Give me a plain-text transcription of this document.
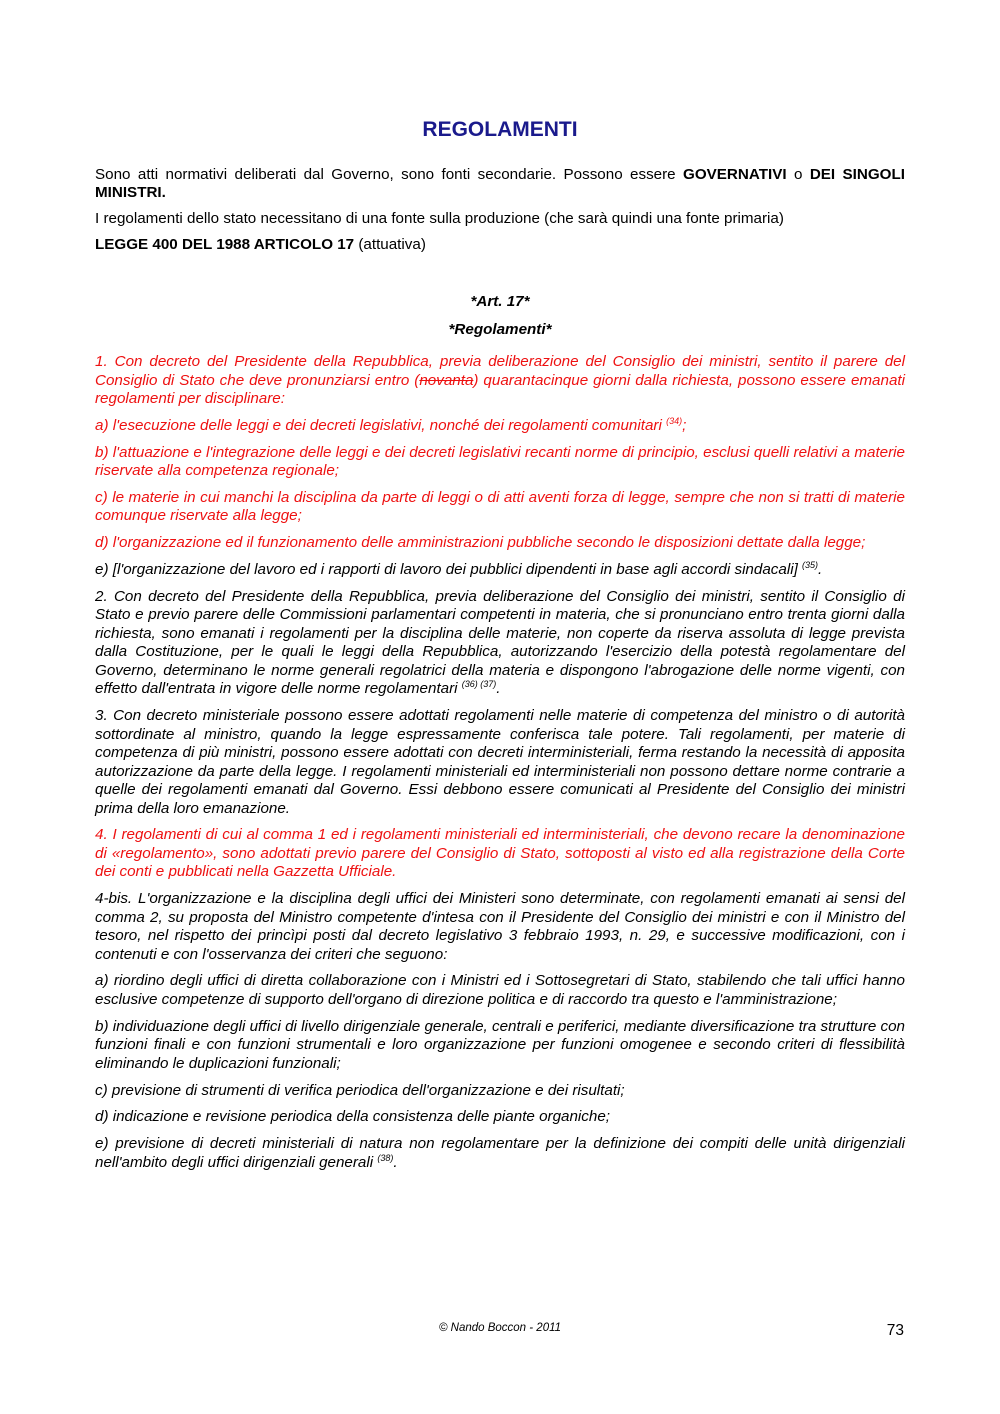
REGOLAMENTI

Sono atti normativi deliberati dal Governo, sono fonti secondarie. Possono essere GOVERNATIVI o DEI SINGOLI MINISTRI.

I regolamenti dello stato necessitano di una fonte sulla produzione (che sarà quindi una fonte primaria)

LEGGE 400 DEL 1988 ARTICOLO 17 (attuativa)

*Art. 17*
*Regolamenti*

1. Con decreto del Presidente della Repubblica, previa deliberazione del Consiglio dei ministri, sentito il parere del Consiglio di Stato che deve pronunziarsi entro (novanta) quarantacinque giorni dalla richiesta, possono essere emanati regolamenti per disciplinare:

a) l'esecuzione delle leggi e dei decreti legislativi, nonché dei regolamenti comunitari $^{(34)}$;

b) l'attuazione e l'integrazione delle leggi e dei decreti legislativi recanti norme di principio, esclusi quelli relativi a materie riservate alla competenza regionale;

c) le materie in cui manchi la disciplina da parte di leggi o di atti aventi forza di legge, sempre che non si tratti di materie comunque riservate alla legge;

d) l'organizzazione ed il funzionamento delle amministrazioni pubbliche secondo le disposizioni dettate dalla legge;

e) [l'organizzazione del lavoro ed i rapporti di lavoro dei pubblici dipendenti in base agli accordi sindacali] $^{(35)}$.

2. Con decreto del Presidente della Repubblica, previa deliberazione del Consiglio dei ministri, sentito il Consiglio di Stato e previo parere delle Commissioni parlamentari competenti in materia, che si pronunciano entro trenta giorni dalla richiesta, sono emanati i regolamenti per la disciplina delle materie, non coperte da riserva assoluta di legge prevista dalla Costituzione, per le quali le leggi della Repubblica, autorizzando l'esercizio della potestà regolamentare del Governo, determinano le norme generali regolatrici della materia e dispongono l'abrogazione delle norme vigenti, con effetto dall'entrata in vigore delle norme regolamentari $^{(36) (37)}$.

3. Con decreto ministeriale possono essere adottati regolamenti nelle materie di competenza del ministro o di autorità sottordinate al ministro, quando la legge espressamente conferisca tale potere. Tali regolamenti, per materie di competenza di più ministri, possono essere adottati con decreti interministeriali, ferma restando la necessità di apposita autorizzazione da parte della legge. I regolamenti ministeriali ed interministeriali non possono dettare norme contrarie a quelle dei regolamenti emanati dal Governo. Essi debbono essere comunicati al Presidente del Consiglio dei ministri prima della loro emanazione.

4. I regolamenti di cui al comma 1 ed i regolamenti ministeriali ed interministeriali, che devono recare la denominazione di «regolamento», sono adottati previo parere del Consiglio di Stato, sottoposti al visto ed alla registrazione della Corte dei conti e pubblicati nella Gazzetta Ufficiale.

4-bis. L'organizzazione e la disciplina degli uffici dei Ministeri sono determinate, con regolamenti emanati ai sensi del comma 2, su proposta del Ministro competente d'intesa con il Presidente del Consiglio dei ministri e con il Ministro del tesoro, nel rispetto dei princìpi posti dal decreto legislativo 3 febbraio 1993, n. 29, e successive modificazioni, con i contenuti e con l'osservanza dei criteri che seguono:

a) riordino degli uffici di diretta collaborazione con i Ministri ed i Sottosegretari di Stato, stabilendo che tali uffici hanno esclusive competenze di supporto dell'organo di direzione politica e di raccordo tra questo e l'amministrazione;

b) individuazione degli uffici di livello dirigenziale generale, centrali e periferici, mediante diversificazione tra strutture con funzioni finali e con funzioni strumentali e loro organizzazione per funzioni omogenee e secondo criteri di flessibilità eliminando le duplicazioni funzionali;

c) previsione di strumenti di verifica periodica dell'organizzazione e dei risultati;

d) indicazione e revisione periodica della consistenza delle piante organiche;

e) previsione di decreti ministeriali di natura non regolamentare per la definizione dei compiti delle unità dirigenziali nell'ambito degli uffici dirigenziali generali $^{(38)}$.

© Nando Boccon - 2011	73
